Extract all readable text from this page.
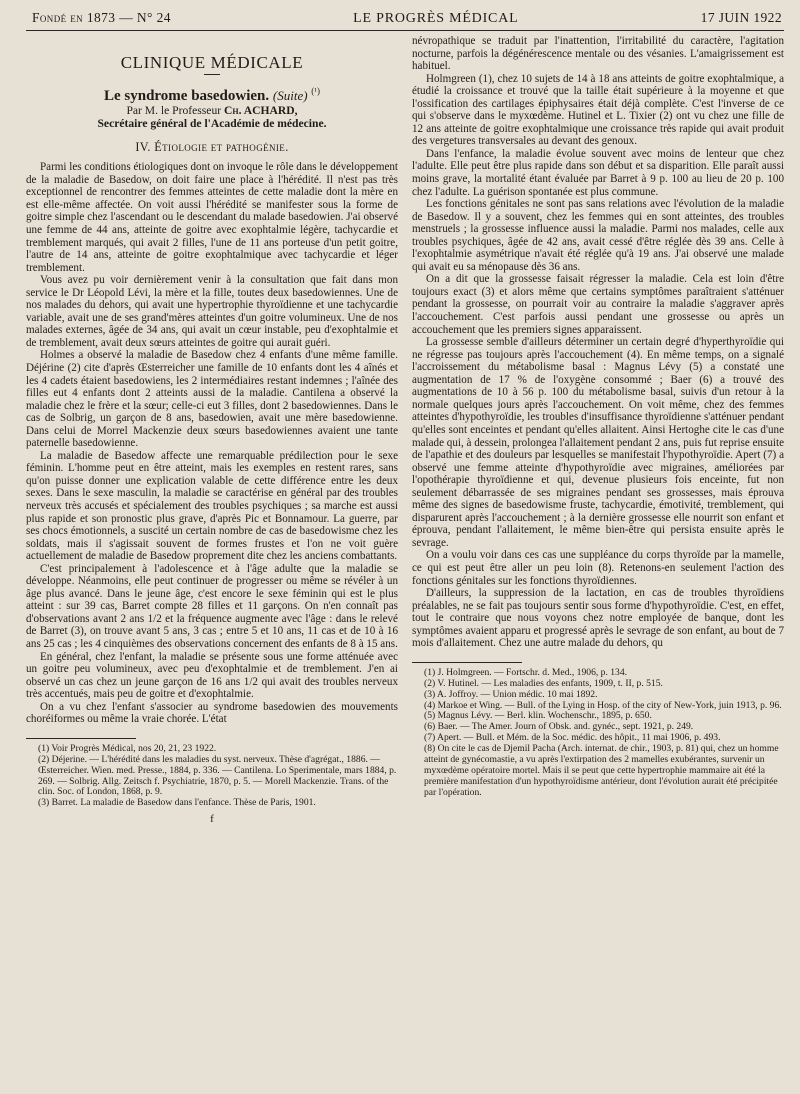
Fondé en 1873 — N° 24	LE PROGRÈS MÉDICAL	17 JUIN 1922
CLINIQUE MÉDICALE
Le syndrome basedowien. (Suite) $^{(^1)}$
Par M. le Professeur Ch. ACHARD,
Secrétaire général de l'Académie de médecine.
IV. Étiologie et pathogénie.

Parmi les conditions étiologiques dont on invoque le rôle dans le développement de la maladie de Basedow, on doit faire une place à l'hérédité. Il n'est pas très exceptionnel de rencontrer des femmes atteintes de cette maladie dont la mère en est elle-même affectée. On voit aussi l'hérédité se manifester sous la forme de goitre simple chez l'ascendant ou le descendant du malade basedowien. J'ai observé une femme de 44 ans, atteinte de goitre avec exophtalmie légère, tachycardie et tremblement marqués, qui avait 2 filles, l'une de 11 ans porteuse d'un petit goitre, l'autre de 14 ans, atteinte de goitre exophtalmique avec tachycardie et léger tremblement.

Vous avez pu voir dernièrement venir à la consultation que fait dans mon service le Dr Léopold Lévi, la mère et la fille, toutes deux basedowiennes. Une de nos malades du dehors, qui avait une hypertrophie thyroïdienne et une tachycardie variable, avait une de ses grand'mères atteintes d'un goitre volumineux. Une de nos malades externes, âgée de 34 ans, qui avait un cœur instable, peu d'exophtalmie et de tremblement, avait deux sœurs atteintes de goitre qui aurait guéri.

Holmes a observé la maladie de Basedow chez 4 enfants d'une même famille. Déjérine (2) cite d'après Œsterreicher une famille de 10 enfants dont les 4 aînés et les 4 cadets étaient basedowiens, les 2 intermédiaires restant indemnes ; l'aînée des filles eut 4 enfants dont 2 atteints aussi de la maladie. Cantilena a observé la maladie chez le frère et la sœur; celle-ci eut 3 filles, dont 2 basedowiennes. Dans le cas de Solbrig, un garçon de 8 ans, basedowien, avait une mère basedowienne. Dans celui de Morrel Mackenzie deux sœurs basedowiennes avaient une tante paternelle basedowienne.

La maladie de Basedow affecte une remarquable prédilection pour le sexe féminin. L'homme peut en être atteint, mais les exemples en restent rares, sans qu'on puisse donner une explication valable de cette différence entre les deux sexes. Dans le sexe masculin, la maladie se caractérise en général par des troubles nerveux très accusés et spécialement des troubles psychiques ; sa marche est aussi plus rapide et son pronostic plus grave, d'après Pic et Bonnamour. La guerre, par ses chocs émotionnels, a suscité un certain nombre de cas de basedowisme chez les soldats, mais il s'agissait souvent de formes frustes et l'on ne voit guère actuellement de maladie de Basedow proprement dite chez les anciens combattants.

C'est principalement à l'adolescence et à l'âge adulte que la maladie se développe. Néanmoins, elle peut continuer de progresser ou même se révéler à un âge plus avancé. Dans le jeune âge, c'est encore le sexe féminin qui est le plus atteint : sur 39 cas, Barret compte 28 filles et 11 garçons. On n'en connaît pas d'observations avant 2 ans 1/2 et la fréquence augmente avec l'âge : dans le relevé de Barret (3), on trouve avant 5 ans, 3 cas ; entre 5 et 10 ans, 11 cas et de 10 à 16 ans 25 cas ; les 4 cinquièmes des observations concernent des enfants de 8 à 15 ans.

En général, chez l'enfant, la maladie se présente sous une forme atténuée avec un goitre peu volumineux, avec peu d'exophtalmie et de tremblement. J'en ai observé un cas chez un jeune garçon de 16 ans 1/2 qui avait des troubles nerveux très accentués, mais peu de goitre et d'exophtalmie.

On a vu chez l'enfant s'associer au syndrome basedowien des mouvements choréiformes ou même la vraie chorée. L'état

(1) Voir Progrès Médical, nos 20, 21, 23 1922.
(2) Déjerine. — L'hérédité dans les maladies du syst. nerveux. Thèse d'agrégat., 1886. — Œsterreicher. Wien. med. Presse., 1884, p. 336. — Cantilena. Lo Sperimentale, mars 1884, p. 269. — Solbrig. Allg. Zeitsch f. Psychiatrie, 1870, p. 5. — Morell Mackenzie. Trans. of the clin. Soc. of London, 1868, p. 9.
(3) Barret. La maladie de Basedow dans l'enfance. Thèse de Paris, 1901.
f

névropathique se traduit par l'inattention, l'irritabilité du caractère, l'agitation nocturne, parfois la dégénérescence mentale ou des vésanies. L'amaigrissement est habituel.

Holmgreen (1), chez 10 sujets de 14 à 18 ans atteints de goitre exophtalmique, a étudié la croissance et trouvé que la taille était supérieure à la moyenne et que l'ossification des cartilages épiphysaires était déjà complète. C'est l'inverse de ce qui s'observe dans le myxœdème. Hutinel et L. Tixier (2) ont vu chez une fille de 12 ans atteinte de goitre exophtalmique une croissance très rapide qui avait produit des vergetures transversales au devant des genoux.

Dans l'enfance, la maladie évolue souvent avec moins de lenteur que chez l'adulte. Elle peut être plus rapide dans son début et sa disparition. Elle paraît aussi moins grave, la mortalité étant évaluée par Barret à 9 p. 100 au lieu de 20 p. 100 chez l'adulte. La guérison spontanée est plus commune.

Les fonctions génitales ne sont pas sans relations avec l'évolution de la maladie de Basedow. Il y a souvent, chez les femmes qui en sont atteintes, des troubles menstruels ; la grossesse influence aussi la maladie. Parmi nos malades, celle aux troubles psychiques, âgée de 42 ans, avait cessé d'être réglée dès 39 ans. Celle à l'exophtalmie asymétrique n'avait été réglée qu'à 19 ans. J'ai observé une malade qui avait eu sa ménopause dès 36 ans.

On a dit que la grossesse faisait régresser la maladie. Cela est loin d'être toujours exact (3) et alors même que certains symptômes paraîtraient s'atténuer pendant la grossesse, on pourrait voir au contraire la maladie s'aggraver après l'accouchement. C'est parfois aussi pendant une grossesse ou après un accouchement que les premiers signes apparaissent.

La grossesse semble d'ailleurs déterminer un certain degré d'hyperthyroïdie qui ne régresse pas toujours après l'accouchement (4). En même temps, on a signalé l'accroissement du métabolisme basal : Magnus Lévy (5) a constaté une augmentation de 17 % de l'oxygène consommé ; Baer (6) a trouvé des augmentations de 10 à 56 p. 100 du métabolisme basal, suivis d'un retour à la normale quelques jours après l'accouchement. On voit même, chez des femmes atteintes d'hypothyroïdie, les troubles d'insuffisance thyroïdienne s'atténuer pendant qu'elles sont enceintes et pendant qu'elles allaitent. Ainsi Hertoghe cite le cas d'une malade qui, à dessein, prolongea l'allaitement pendant 2 ans, puis fut reprise ensuite de l'apathie et des douleurs par lesquelles se manifestait l'hypothyroïdie. Apert (7) a observé une femme atteinte d'hypothyroïdie avec migraines, améliorées par l'opothérapie thyroïdienne et qui, devenue plusieurs fois enceinte, fut non seulement débarrassée de ses migraines pendant ses grossesses, mais éprouva même des signes de basedowisme fruste, tachycardie, émotivité, tremblement, qui disparurent après l'accouchement ; à la dernière grossesse elle nourrit son enfant et éprouva, pendant l'allaitement, le même bien-être qui persista ensuite après le sevrage.

On a voulu voir dans ces cas une suppléance du corps thyroïde par la mamelle, ce qui est peut être aller un peu loin (8). Retenons-en seulement l'action des fonctions génitales sur les fonctions thyroïdiennes.

D'ailleurs, la suppression de la lactation, en cas de troubles thyroïdiens préalables, ne se fait pas toujours sentir sous forme d'hypothyroïdie. C'est, en effet, tout le contraire que nous voyons chez notre employée de banque, dont les symptômes avaient apparu et progressé après le sevrage de son enfant, au bout de 7 mois d'allaitement. Chez une autre malade du dehors, qu

(1) J. Holmgreen. — Fortschr. d. Med., 1906, p. 134.
(2) V. Hutinel. — Les maladies des enfants, 1909, t. II, p. 515.
(3) A. Joffroy. — Union médic. 10 mai 1892.
(4) Markoe et Wing. — Bull. of the Lying in Hosp. of the city of New-York, juin 1913, p. 96.
(5) Magnus Lévy. — Berl. klin. Wochenschr., 1895, p. 650.
(6) Baer. — The Amer. Journ of Obsk. and. gynéc., sept. 1921, p. 249.
(7) Apert. — Bull. et Mém. de la Soc. médic. des hôpit., 11 mai 1906, p. 493.
(8) On cite le cas de Djemil Pacha (Arch. internat. de chir., 1903, p. 81) qui, chez un homme atteint de gynécomastie, a vu après l'extirpation des 2 mamelles exubérantes, survenir un myxœdème opératoire mortel. Mais il se peut que cette hypertrophie mammaire ait été la première manifestation d'un hypothyroïdisme antérieur, dont l'évolution aurait été précipitée par l'opération.
